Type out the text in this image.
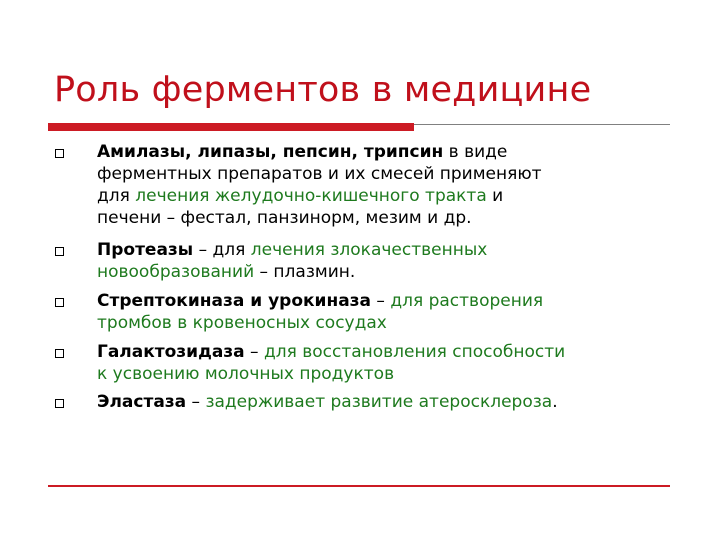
Роль ферментов в медицине
Амилазы, липазы, пепсин, трипсин в виде
ферментных препаратов и их смесей применяют
для лечения желудочно-кишечного тракта и
печени – фестал, панзинорм, мезим и др.
Протеазы – для лечения злокачественных
новообразований – плазмин.
Стрептокиназа и урокиназа – для растворения
тромбов в кровеносных сосудах
Галактозидаза – для восстановления способности
к усвоению молочных продуктов
Эластаза – задерживает развитие атеросклероза.
